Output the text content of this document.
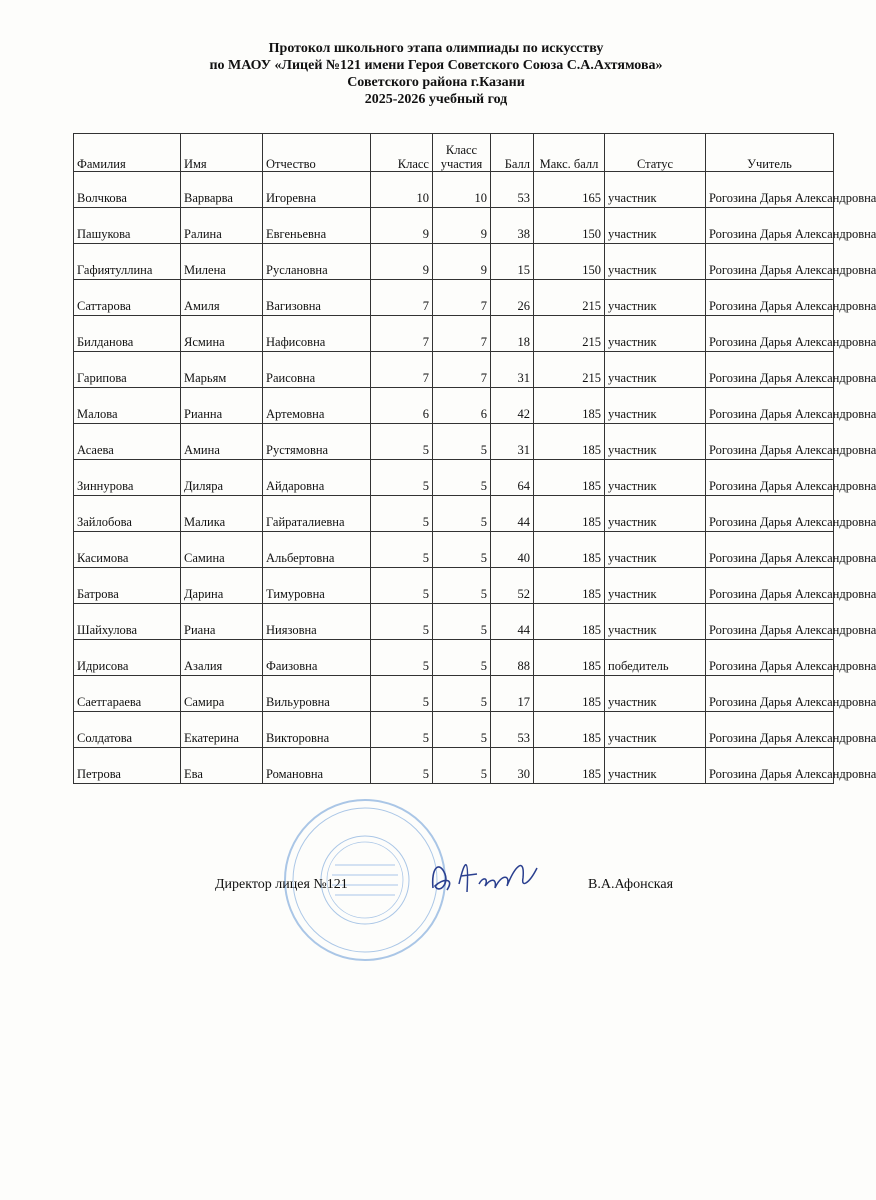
Протокол школьного этапа олимпиады по искусству
по МАОУ «Лицей №121 имени Героя Советского Союза С.А.Ахтямова»
Советского района г.Казани
2025-2026 учебный год
Фамилия	Имя	Отчество	Класс	Класс участия	Балл	Макс. балл	Статус	Учитель
Волчкова	Варварва	Игоревна	10	10	53	165	участник	Рогозина Дарья Александровна
Пашукова	Ралина	Евгеньевна	9	9	38	150	участник	Рогозина Дарья Александровна
Гафиятуллина	Милена	Руслановна	9	9	15	150	участник	Рогозина Дарья Александровна
Саттарова	Амиля	Вагизовна	7	7	26	215	участник	Рогозина Дарья Александровна
Билданова	Ясмина	Нафисовна	7	7	18	215	участник	Рогозина Дарья Александровна
Гарипова	Марьям	Раисовна	7	7	31	215	участник	Рогозина Дарья Александровна
Малова	Рианна	Артемовна	6	6	42	185	участник	Рогозина Дарья Александровна
Асаева	Амина	Рустямовна	5	5	31	185	участник	Рогозина Дарья Александровна
Зиннурова	Диляра	Айдаровна	5	5	64	185	участник	Рогозина Дарья Александровна
Зайлобова	Малика	Гайраталиевна	5	5	44	185	участник	Рогозина Дарья Александровна
Касимова	Самина	Альбертовна	5	5	40	185	участник	Рогозина Дарья Александровна
Батрова	Дарина	Тимуровна	5	5	52	185	участник	Рогозина Дарья Александровна
Шайхулова	Риана	Ниязовна	5	5	44	185	участник	Рогозина Дарья Александровна
Идрисова	Азалия	Фаизовна	5	5	88	185	победитель	Рогозина Дарья Александровна
Саетгараева	Самира	Вильуровна	5	5	17	185	участник	Рогозина Дарья Александровна
Солдатова	Екатерина	Викторовна	5	5	53	185	участник	Рогозина Дарья Александровна
Петрова	Ева	Романовна	5	5	30	185	участник	Рогозина Дарья Александровна
Директор лицея №121	В.А.Афонская
